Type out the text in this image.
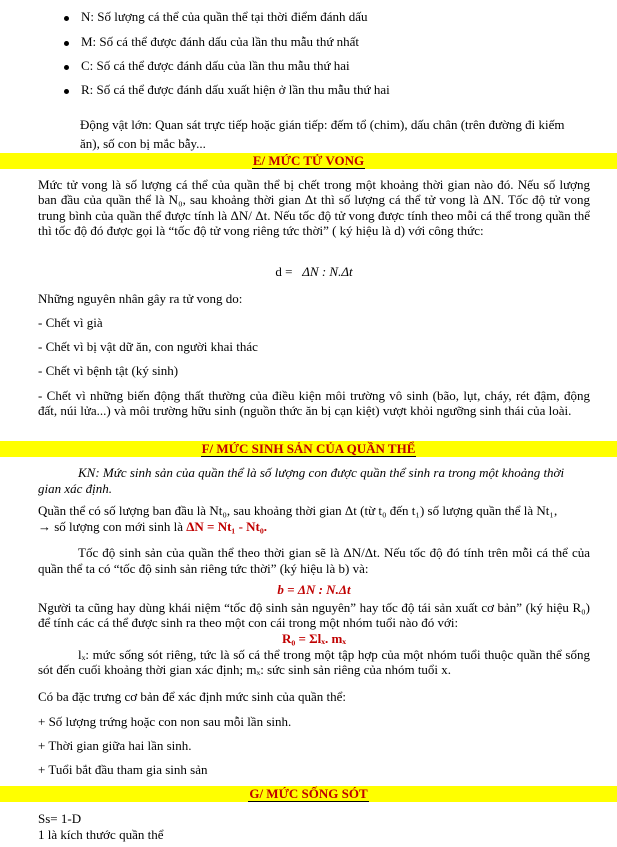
N: Số lượng cá thể của quần thể tại thời điểm đánh dấu
M: Số cá thể được đánh dấu của lần thu mẫu thứ nhất
C: Số cá thể được đánh dấu của lần thu mẫu thứ hai
R: Số cá thể được đánh dấu xuất hiện ở lần thu mẫu thứ hai
Động vật lớn: Quan sát trực tiếp hoặc gián tiếp: đếm tổ (chim), dấu chân (trên đường đi kiếm
ăn), số con bị mắc bẫy...
E/ MỨC TỬ VONG
Mức tử vong là số lượng cá thể của quần thể bị chết trong một khoảng thời gian nào đó. Nếu số lượng ban đầu của quần thể là N₀, sau khoảng thời gian Δt thì số lượng cá thể tử vong là ΔN. Tốc độ tử vong trung bình của quần thể được tính là ΔN/ Δt. Nếu tốc độ tử vong được tính theo mỗi cá thể trong quần thể thì tốc độ đó được gọi là “tốc độ tử vong riêng tức thời” ( ký hiệu là d) với công thức:
d = ΔN : N.Δt
Những nguyên nhân gây ra tử vong do:
- Chết vì già
- Chết vì bị vật dữ ăn, con người khai thác
- Chết vì bệnh tật (ký sinh)
- Chết vì những biến động thất thường của điều kiện môi trường vô sinh (bão, lụt, cháy, rét đậm, động đất, núi lửa...) và môi trường hữu sinh (nguồn thức ăn bị cạn kiệt) vượt khỏi ngưỡng sinh thái của loài.
F/ MỨC SINH SẢN CỦA QUẦN THỂ
KN: Mức sinh sản của quần thể là số lượng con được quần thể sinh ra trong một khoảng thời gian xác định.
Quần thể có số lượng ban đầu là Nt₀, sau khoảng thời gian Δt (từ t₀ đến t₁) số lượng quần thể là Nt₁,
→ số lượng con mới sinh là ΔN = Nt₁ - Nt₀.
Tốc độ sinh sản của quần thể theo thời gian sẽ là ΔN/Δt. Nếu tốc độ đó tính trên mỗi cá thể của quần thể ta có “tốc độ sinh sản riêng tức thời” (ký hiệu là b) và:
b = ΔN : N.Δt
Người ta cũng hay dùng khái niệm “tốc độ sinh sản nguyên” hay tốc độ tái sản xuất cơ bản” (ký hiệu R₀) để tính các cá thể được sinh ra theo một con cái trong một nhóm tuổi nào đó với:
R₀ = Σlₓ. mₓ
lₓ: mức sống sót riêng, tức là số cá thể trong một tập hợp của một nhóm tuổi thuộc quần thể sống sót đến cuối khoảng thời gian xác định; mₓ: sức sinh sản riêng của nhóm tuổi x.
Có ba đặc trưng cơ bản để xác định mức sinh của quần thể:
+ Số lượng trứng hoặc con non sau mỗi lần sinh.
+ Thời gian giữa hai lần sinh.
+ Tuổi bắt đầu tham gia sinh sản
G/ MỨC SỐNG SÓT
Ss= 1-D
1 là kích thước quần thể
